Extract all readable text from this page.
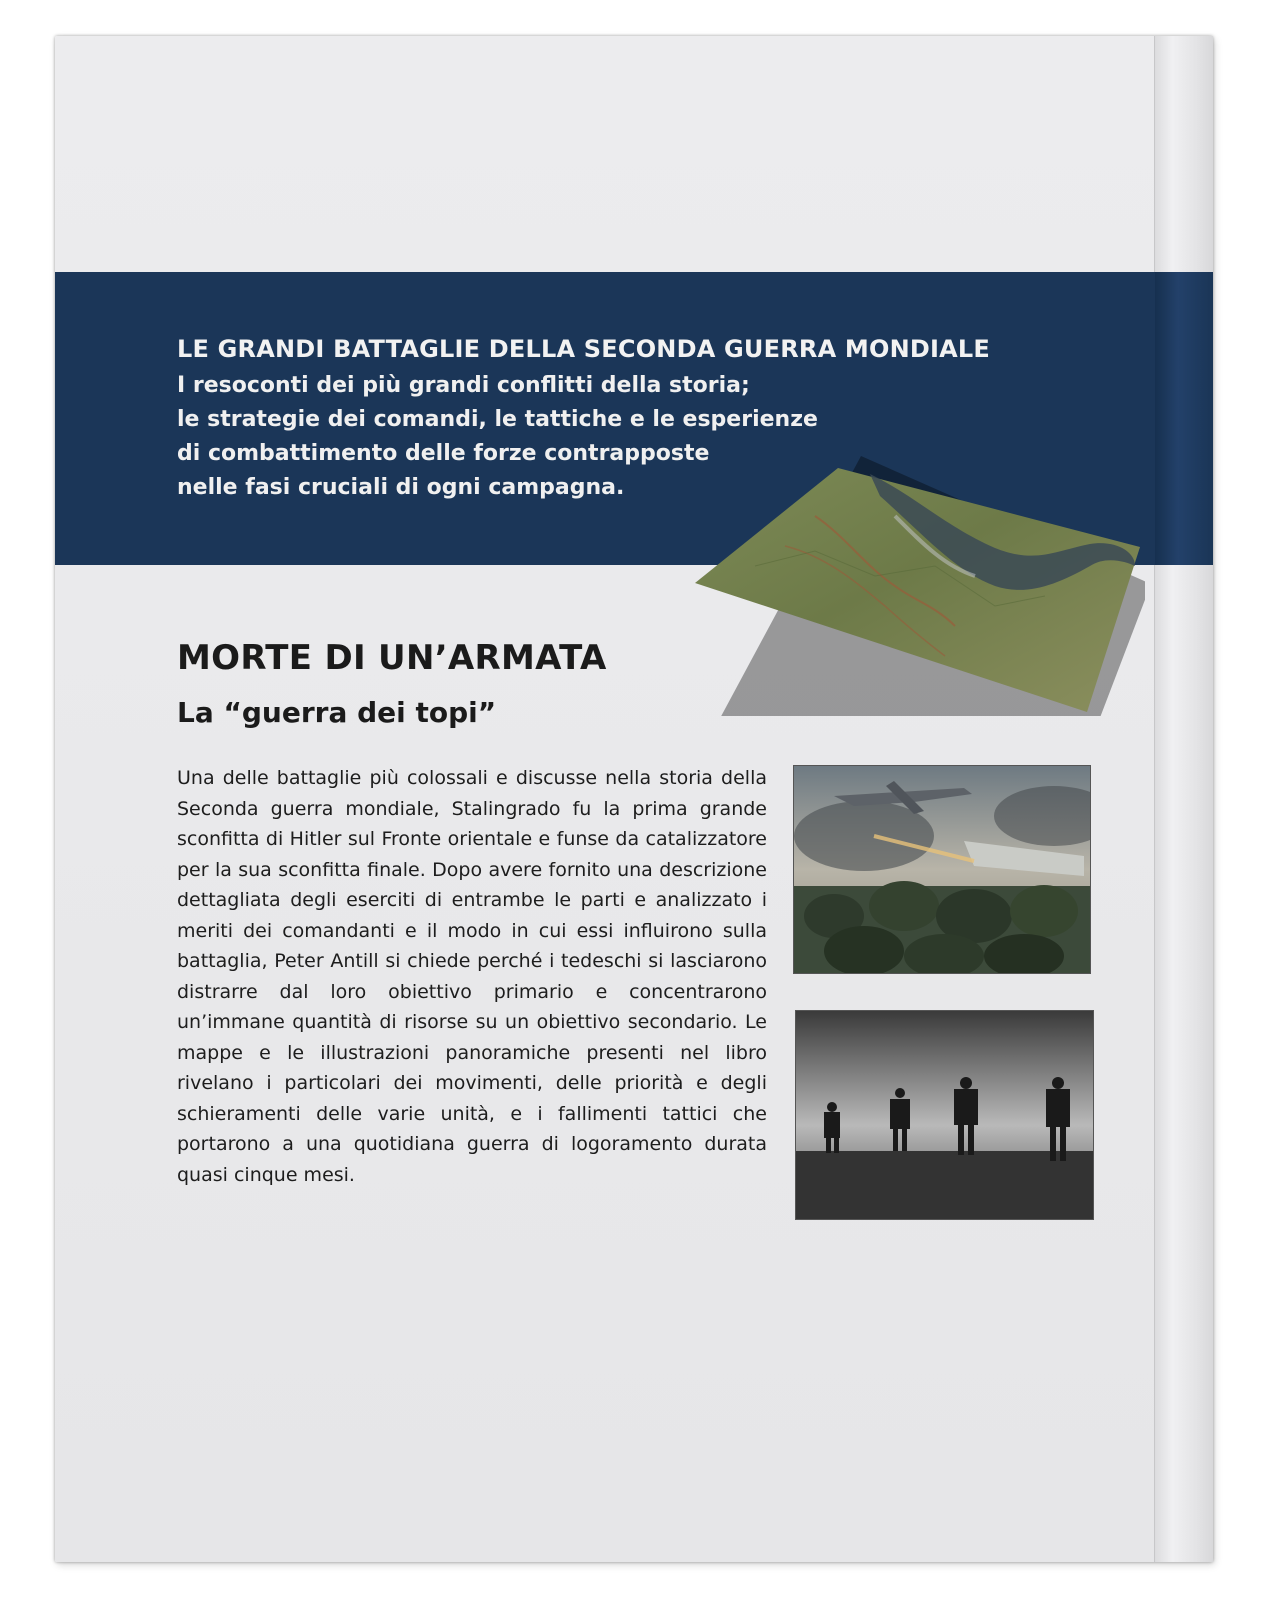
LE GRANDI BATTAGLIE DELLA SECONDA GUERRA MONDIALE

I resoconti dei più grandi conflitti della storia;
le strategie dei comandi, le tattiche e le esperienze
di combattimento delle forze contrapposte
nelle fasi cruciali di ogni campagna.

MORTE DI UN’ARMATA
La “guerra dei topi”

Una delle battaglie più colossali e discusse nella storia della Seconda guerra mondiale, Stalingrado fu la prima grande sconfitta di Hitler sul Fronte orientale e funse da catalizzatore per la sua sconfitta finale. Dopo avere fornito una descrizione dettagliata degli eserciti di entrambe le parti e analizzato i meriti dei comandanti e il modo in cui essi influirono sulla battaglia, Peter Antill si chiede perché i tedeschi si lasciarono distrarre dal loro obiettivo primario e concentrarono un’immane quantità di risorse su un obiettivo secondario. Le mappe e le illustrazioni panoramiche presenti nel libro rivelano i particolari dei movimenti, delle priorità e degli schieramenti delle varie unità, e i fallimenti tattici che portarono a una quotidiana guerra di logoramento durata quasi cinque mesi.
